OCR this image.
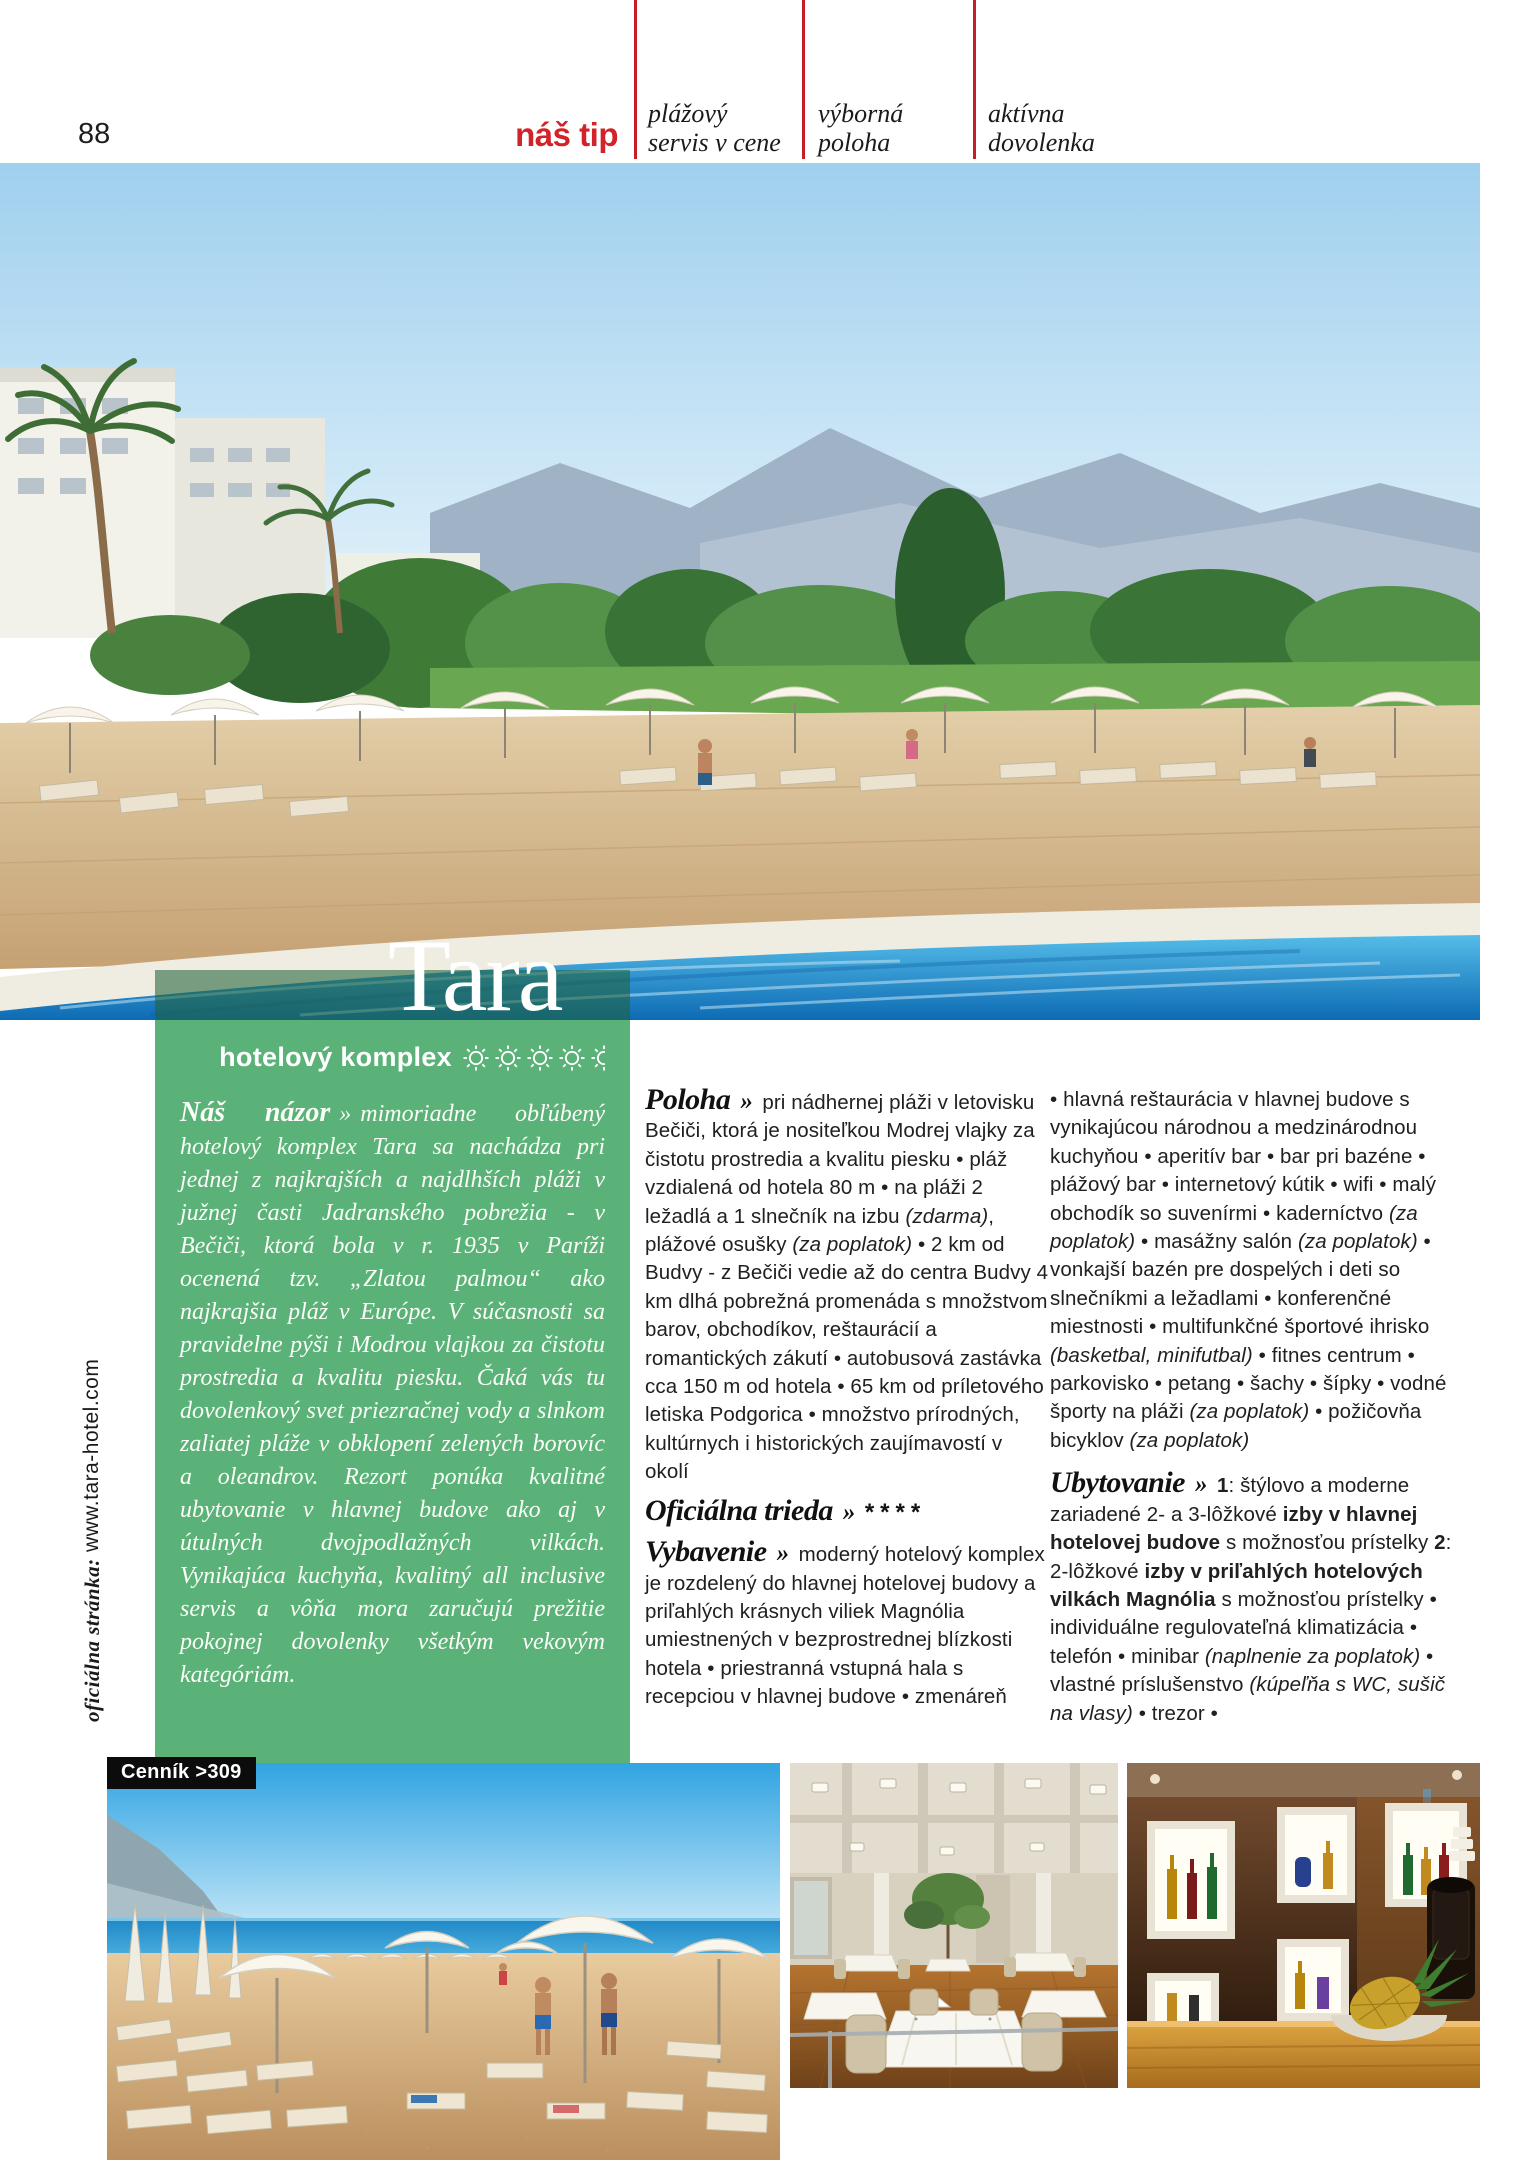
88	náš tip
plážový
servis v cene
výborná
poloha
aktívna
dovolenka
Tara
hotelový komplex

Náš názor » mimoriadne obľúbený hotelový komplex Tara sa nachádza pri jednej z najkrajších a najdlhších pláži v južnej časti Jadranského pobrežia - v Bečiči, ktorá bola v r. 1935 v Paríži ocenená tzv. „Zlatou palmou“ ako najkrajšia pláž v Európe. V súčasnosti sa pravidelne pýši i Modrou vlajkou za čistotu prostredia a kvalitu piesku. Čaká vás tu dovolenkový svet priezračnej vody a slnkom zaliatej pláže v obklopení zelených borovíc a oleandrov. Rezort ponúka kvalitné ubytovanie v hlavnej budove ako aj v útulných dvojpodlažných vilkách. Vynikajúca kuchyňa, kvalitný all inclusive servis a vôňa mora zaručujú prežitie pokojnej dovolenky všetkým vekovým kategóriám.

oficiálna stránka: www.tara-hotel.com

Poloha » pri nádhernej pláži v letovisku Bečiči, ktorá je nositeľkou Modrej vlajky za čistotu prostredia a kvalitu piesku • pláž vzdialená od hotela 80 m • na pláži 2 ležadlá a 1 slnečník na izbu (zdarma), plážové osušky (za poplatok) • 2 km od Budvy - z Bečiči vedie až do centra Budvy 4 km dlhá pobrežná promenáda s množstvom barov, obchodíkov, reštaurácií a romantických zákutí • autobusová zastávka cca 150 m od hotela • 65 km od príletového letiska Podgorica • množstvo prírodných, kultúrnych i historických zaujímavostí v okolí

Oficiálna trieda » ****

Vybavenie » moderný hotelový komplex je rozdelený do hlavnej hotelovej budovy a priľahlých krásnych viliek Magnólia umiestnených v bezprostrednej blízkosti hotela • priestranná vstupná hala s recepciou v hlavnej budove • zmenáreň

• hlavná reštaurácia v hlavnej budove s vynikajúcou národnou a medzinárodnou kuchyňou • aperitív bar • bar pri bazéne • plážový bar • internetový kútik • wifi • malý obchodík so suvenírmi • kaderníctvo (za poplatok) • masážny salón (za poplatok) • vonkajší bazén pre dospelých i deti so slnečníkmi a ležadlami • konferenčné miestnosti • multifunkčné športové ihrisko (basketbal, minifutbal) • fitnes centrum • parkovisko • petang • šachy • šípky • vodné športy na pláži (za poplatok) • požičovňa bicyklov (za poplatok)

Ubytovanie » 1: štýlovo a moderne zariadené 2- a 3-lôžkové izby v hlavnej hotelovej budove s možnosťou prístelky 2: 2-lôžkové izby v priľahlých hotelových vilkách Magnólia s možnosťou prístelky • individuálne regulovateľná klimatizácia • telefón • minibar (naplnenie za poplatok) • vlastné príslušenstvo (kúpeľňa s WC, sušič na vlasy) • trezor •

Cenník >309
